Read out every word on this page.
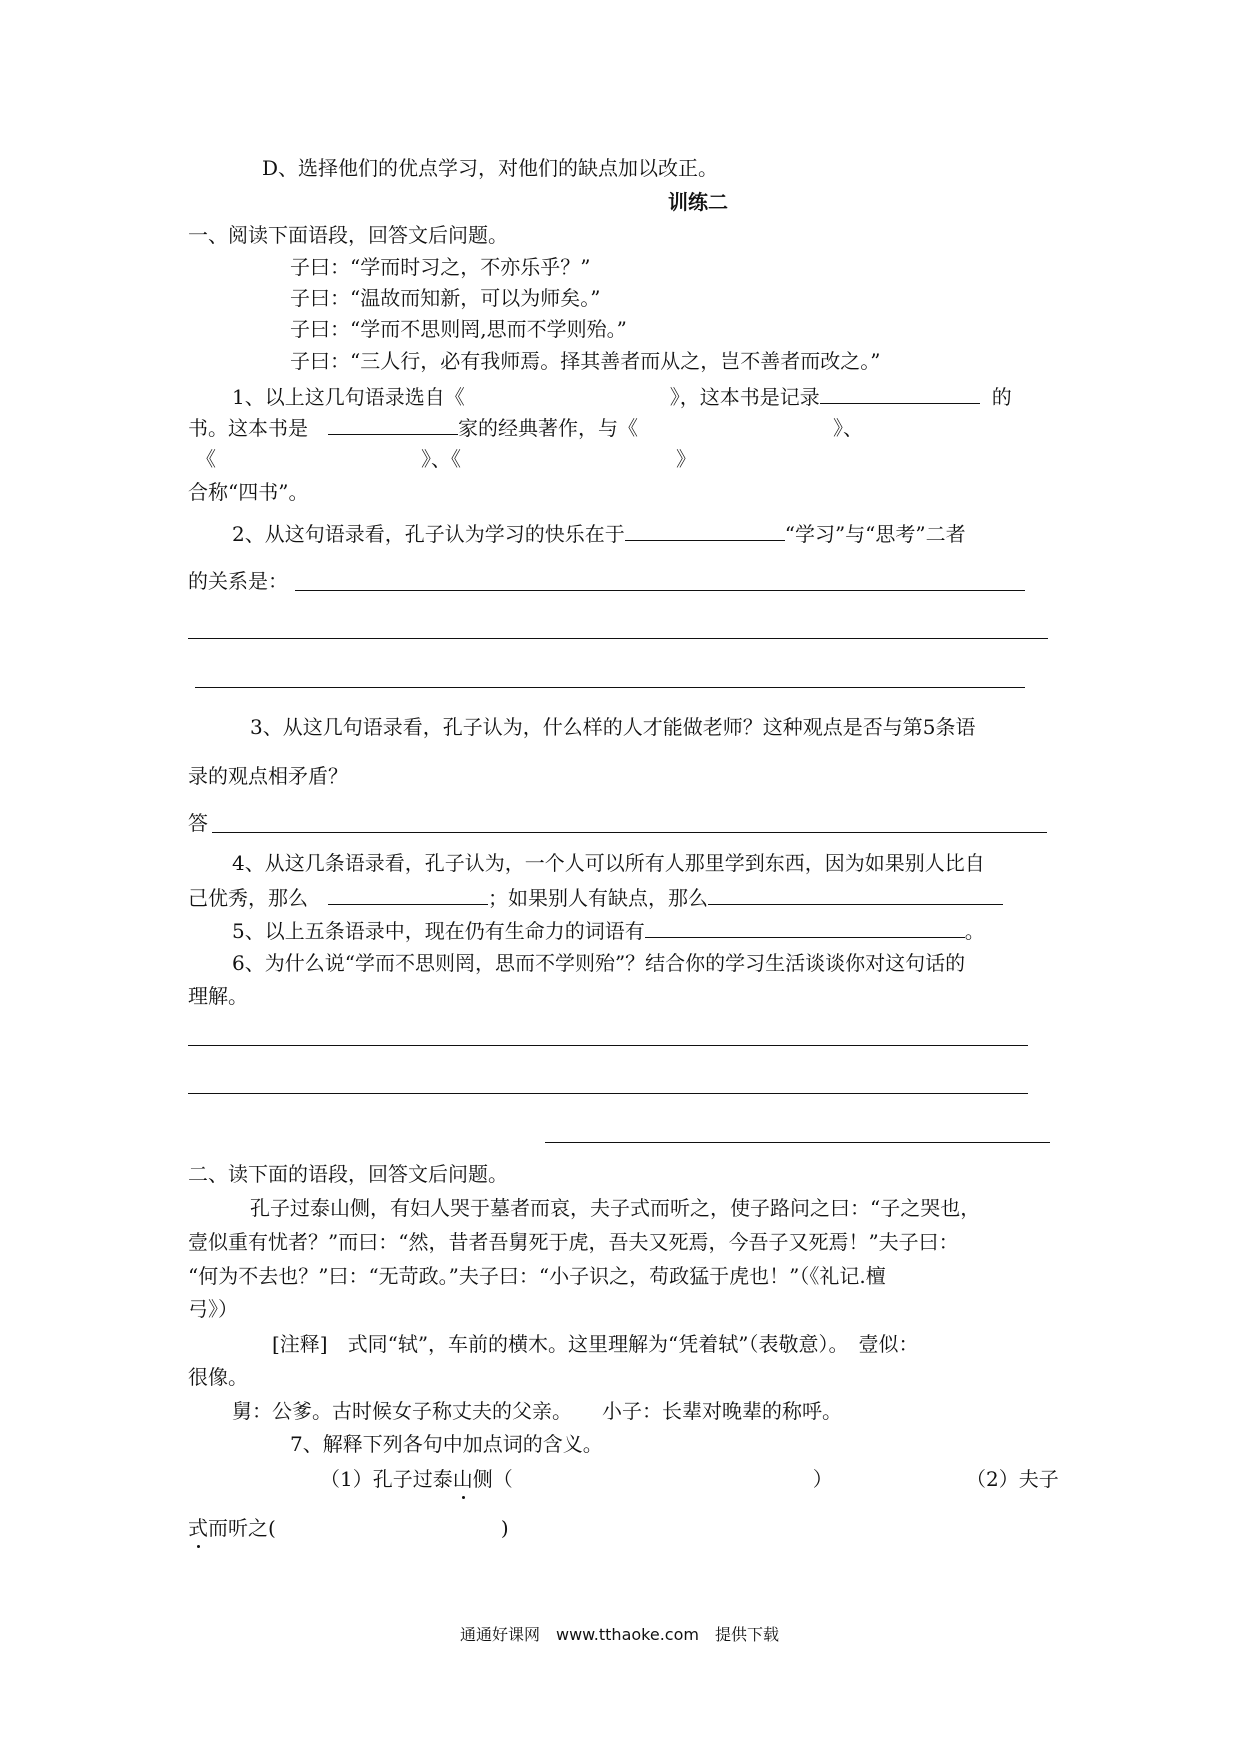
D、选择他们的优点学习，对他们的缺点加以改正。
训练二
一、阅读下面语段，回答文后问题。
子曰：“学而时习之，不亦乐乎？”
子曰：“温故而知新，可以为师矣。”
子曰：“学而不思则罔,思而不学则殆。”
子曰：“三人行，必有我师焉。择其善者而从之，岂不善者而改之。”
1、以上这几句语录选自《	》，这本书是记录	的
书。这本书是	家的经典著作，与《	》、
《	》、《	》
合称“四书”。
2、从这句语录看，孔子认为学习的快乐在于	“学习”与“思考”二者
的关系是：
3、从这几句语录看，孔子认为，什么样的人才能做老师？这种观点是否与第5条语
录的观点相矛盾？
答
4、从这几条语录看，孔子认为，一个人可以所有人那里学到东西，因为如果别人比自
己优秀，那么	；如果别人有缺点，那么
5、以上五条语录中，现在仍有生命力的词语有	。
6、为什么说“学而不思则罔，思而不学则殆”？结合你的学习生活谈谈你对这句话的
理解。
二、读下面的语段，回答文后问题。
孔子过泰山侧，有妇人哭于墓者而哀，夫子式而听之，使子路问之曰：“子之哭也，
壹似重有忧者？”而曰：“然，昔者吾舅死于虎，吾夫又死焉，今吾子又死焉！”夫子曰：
“何为不去也？”曰：“无苛政。”夫子曰：“小子识之，苟政猛于虎也！”（《礼记.檀
弓》）
[注释]　式同“轼”，车前的横木。这里理解为“凭着轼”（表敬意）。　壹似：
很像。
舅：公爹。古时候女子称丈夫的父亲。　　小子：长辈对晚辈的称呼。
7、解释下列各句中加点词的含义。
（1）孔子过泰山侧（	）	（2）夫子
式而听之(	)
通通好课网　www.tthaoke.com　提供下载
